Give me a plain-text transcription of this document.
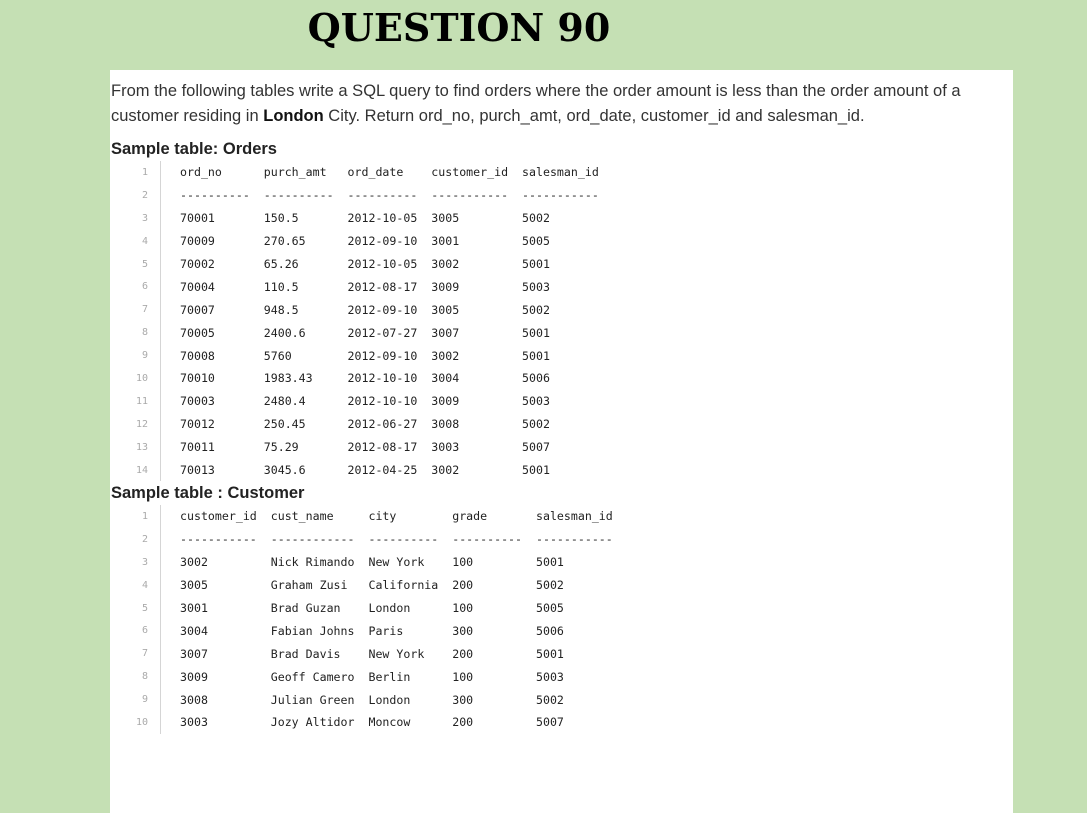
QUESTION 90

From the following tables write a SQL query to find orders where the order amount is less than the order amount of a customer residing in London City. Return ord_no, purch_amt, ord_date, customer_id and salesman_id.

Sample table: Orders
1	ord_no      purch_amt   ord_date    customer_id  salesman_id
2	----------  ----------  ----------  -----------  -----------
3	70001       150.5       2012-10-05  3005         5002
4	70009       270.65      2012-09-10  3001         5005
5	70002       65.26       2012-10-05  3002         5001
6	70004       110.5       2012-08-17  3009         5003
7	70007       948.5       2012-09-10  3005         5002
8	70005       2400.6      2012-07-27  3007         5001
9	70008       5760        2012-09-10  3002         5001
10	70010       1983.43     2012-10-10  3004         5006
11	70003       2480.4      2012-10-10  3009         5003
12	70012       250.45      2012-06-27  3008         5002
13	70011       75.29       2012-08-17  3003         5007
14	70013       3045.6      2012-04-25  3002         5001
Sample table : Customer
1	customer_id  cust_name     city        grade       salesman_id
2	-----------  ------------  ----------  ----------  -----------
3	3002         Nick Rimando  New York    100         5001
4	3005         Graham Zusi   California  200         5002
5	3001         Brad Guzan    London      100         5005
6	3004         Fabian Johns  Paris       300         5006
7	3007         Brad Davis    New York    200         5001
8	3009         Geoff Camero  Berlin      100         5003
9	3008         Julian Green  London      300         5002
10	3003         Jozy Altidor  Moncow      200         5007
